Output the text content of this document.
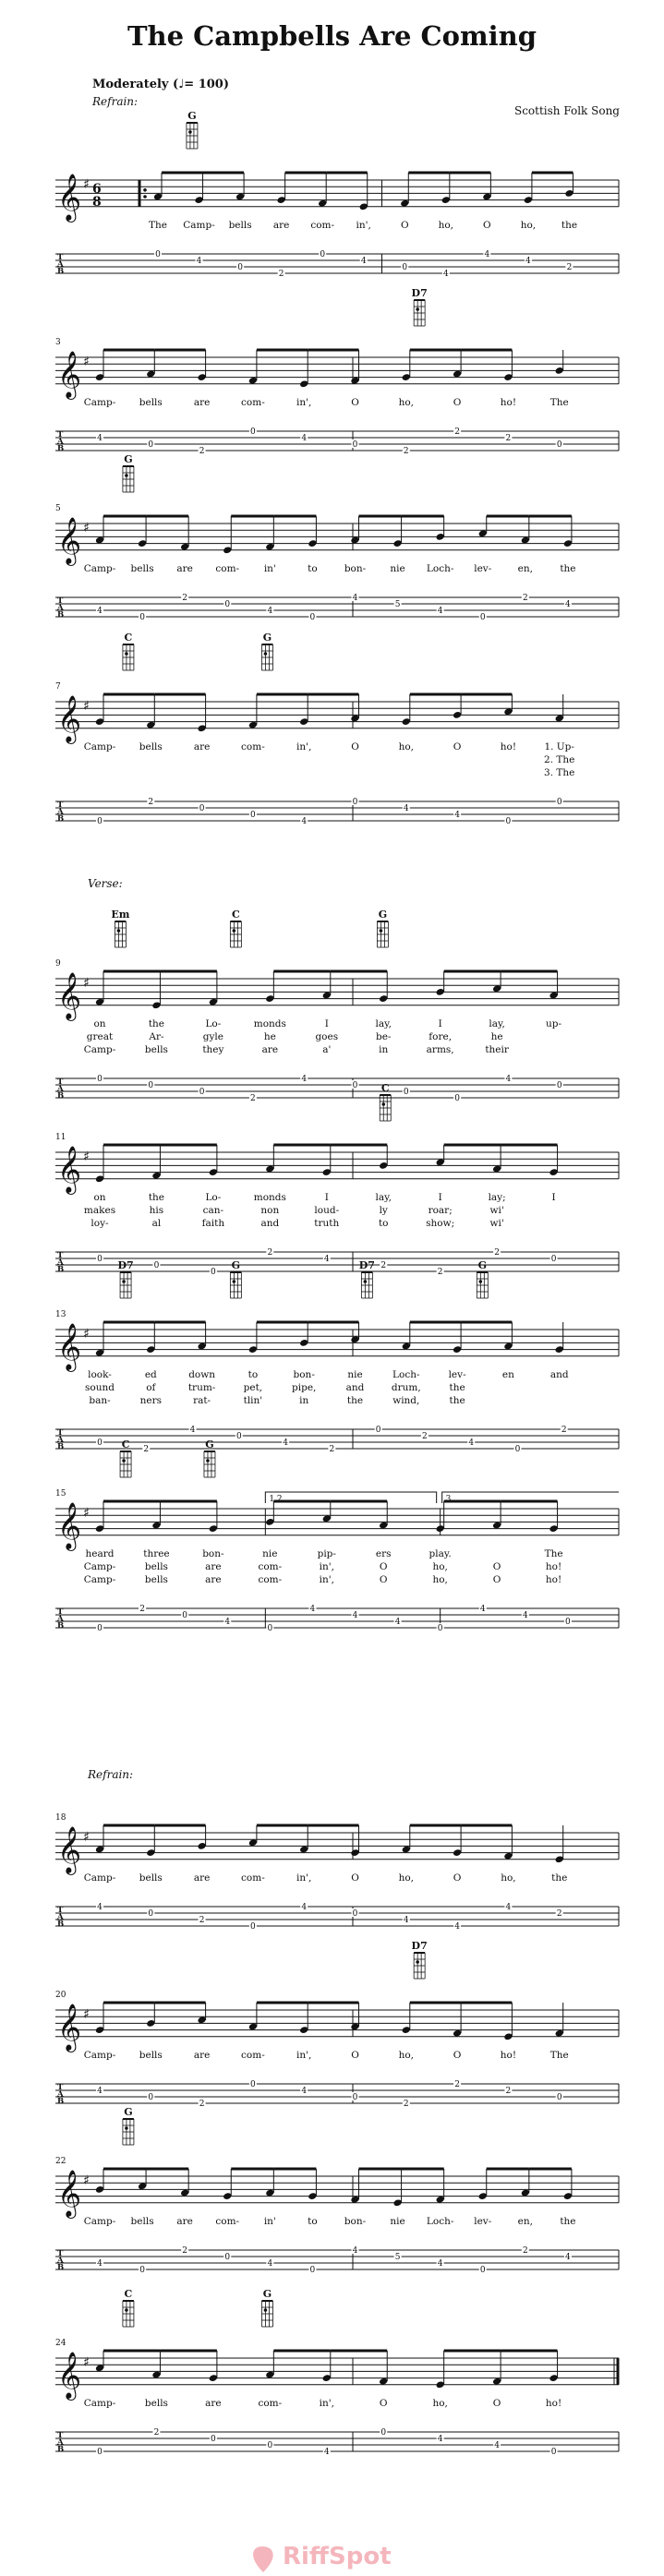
The Campbells Are Coming
Moderately (♩= 100)
Scottish Folk Song
Refrain:
Verse:
Refrain:
𝄞 ♯ 6
8
The Camp- bells are com- in',	O	ho,	O	ho,	the
G
T
A
B
0
4
0
2
0
4
0
4
4
4
2
𝄞 ♯
3
Camp- bells	are	com-	in',	O	ho,	O	ho!	The
D7
T
A
B
4
0
2
0
4
0
2
2
2
0
𝄞 ♯
5
Camp- bells are com-	in'	to	bon- nie Loch- lev-	en,	the
G
T
A
B	4
0
2
0
4
0
4
5
4
0
2
4
𝄞 ♯
7
Camp- bells	are	com-	in',	O	ho,	O	ho!	1. Up-
2. The
3. The
C	G
T
A
B	0
2
0
0
4
0
4
4
0
0
𝄞 ♯
9
on	the	Lo-	monds	I	lay,	I	lay,	up-
great	Ar-	gyle	he	goes	be-	fore,	he
Camp-	bells	they	are	a'	in	arms,	their
Em	C	G
T
A
B
0
0
0
2
4
0
0
0
4
0
𝄞 ♯
11
on	the	Lo-	monds	I	lay,	I	lay;	I
makes	his	can-	non	loud-	ly	roar;	wi'
loy-	al	faith	and	truth	to	show;	wi'
C
T
A
B
0
0
0
2
4
2
2
2
0
𝄞 ♯
13
look-	ed	down	to	bon-	nie	Loch-	lev-	en	and
sound	of	trum-	pet,	pipe,	and	drum,	the
ban-	ners	rat-	tlin'	in	the	wind,	the
D7	G	D7	G
T
A
B	0
2
4
0
4
2
0
2
4
0
2
𝄞 ♯
15
1.2.	3.
heard	three	bon-	nie	pip-	ers	play.	The
Camp-	bells	are	com-	in',	O	ho,	O	ho!
Camp-	bells	are	com-	in',	O	ho,	O	ho!
C	G
T
A
B	0
2
0
4
0
4
4
4
0
4
4
0
𝄞 ♯
18
Camp- bells	are	com-	in',	O	ho,	O	ho,	the
T
A
B
4
0
2
0
4
0
4
4
4
2
𝄞 ♯
20
Camp- bells	are	com-	in',	O	ho,	O	ho!	The
D7
T
A
B
4
0
2
0
4
0
2
2
2
0
𝄞 ♯
22
Camp- bells are com-	in'	to	bon- nie Loch- lev-	en,	the
G
T
A
B	4
0
2
0
4
0
4
5
4
0
2
4
𝄞 ♯
24
Camp-	bells	are	com-	in',	O	ho,	O	ho!
C	G
T
A
B	0
2
0
0
4
0
4
4
0
RiffSpot
